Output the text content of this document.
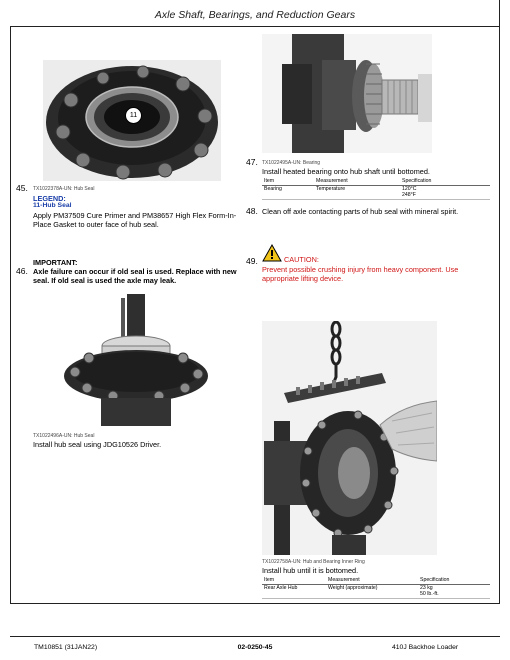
Axle Shaft, Bearings, and Reduction Gears
11
45. TX1022378A-UN: Hub Seal
LEGEND:
11-Hub Seal
Apply PM37509 Cure Primer and PM38657 High Flex Form-In-Place Gasket to outer face of hub seal.
IMPORTANT:
46. Axle failure can occur if old seal is used. Replace with new seal. If old seal is used the axle may leak.
TX1022496A-UN: Hub Seal
Install hub seal using JDG10526 Driver.
47. TX1022495A-UN: Bearing
Install heated bearing onto hub shaft until bottomed.
Item	Measurement	Specification
Bearing	Temperature	120°C
248°F
48. Clean off axle contacting parts of hub seal with mineral spirit.
49.	CAUTION:
Prevent possible crushing injury from heavy component. Use appropriate lifting device.
TX1022758A-UN: Hub and Bearing Inner Ring
Install hub until it is bottomed.
Item	Measurement	Specification
Rear Axle Hub	Weight (approximate)	23 kg
50 lb.-ft.
TM10851 (31JAN22)	02-0250-45	410J Backhoe Loader
